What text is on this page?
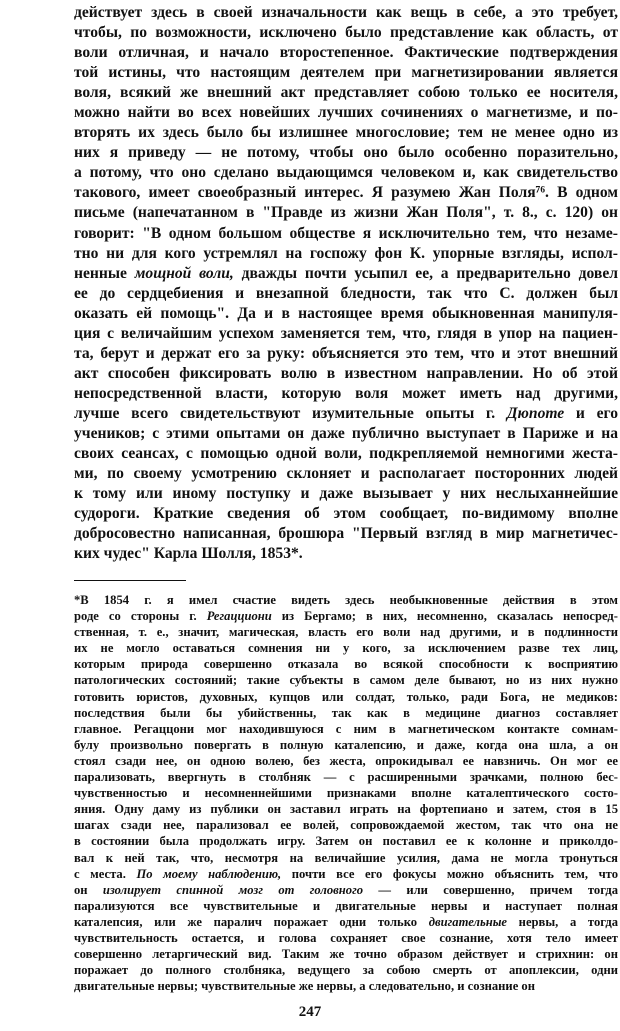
действует здесь в своей изначальности как вещь в себе, а это требует,
чтобы, по возможности, исключено было представление как область, от
воли отличная, и начало второстепенное. Фактические подтверждения
той истины, что настоящим деятелем при магнетизировании является
воля, всякий же внешний акт представляет собою только ее носителя,
можно найти во всех новейших лучших сочинениях о магнетизме, и по-
вторять их здесь было бы излишнее многословие; тем не менее одно из
них я приведу — не потому, чтобы оно было особенно поразительно,
а потому, что оно сделано выдающимся человеком и, как свидетельство
такового, имеет своеобразный интерес. Я разумею Жан Поля⁷⁶. В одном
письме (напечатанном в "Правде из жизни Жан Поля", т. 8., с. 120) он
говорит: "В одном большом обществе я исключительно тем, что незаме-
тно ни для кого устремлял на госпожу фон К. упорные взгляды, испол-
ненные мощной воли, дважды почти усыпил ее, а предварительно довел
ее до сердцебиения и внезапной бледности, так что С. должен был
оказать ей помощь". Да и в настоящее время обыкновенная манипуля-
ция с величайшим успехом заменяется тем, что, глядя в упор на пациен-
та, берут и держат его за руку: объясняется это тем, что и этот внешний
акт способен фиксировать волю в известном направлении. Но об этой
непосредственной власти, которую воля может иметь над другими,
лучше всего свидетельствуют изумительные опыты г. Дюпоте и его
учеников; с этими опытами он даже публично выступает в Париже и на
своих сеансах, с помощью одной воли, подкрепляемой немногими жеста-
ми, по своему усмотрению склоняет и располагает посторонних людей
к тому или иному поступку и даже вызывает у них неслыханнейшие
судороги. Краткие сведения об этом сообщает, по-видимому вполне
добросовестно написанная, брошюра "Первый взгляд в мир магнетичес-
ких чудес" Карла Шолля, 1853*.
*В 1854 г. я имел счастие видеть здесь необыкновенные действия в этом
роде со стороны г. Регацциони из Бергамо; в них, несомненно, сказалась непосред-
ственная, т. е., значит, магическая, власть его воли над другими, и в подлинности
их не могло оставаться сомнения ни у кого, за исключением разве тех лиц,
которым природа совершенно отказала во всякой способности к восприятию
патологических состояний; такие субъекты в самом деле бывают, но из них нужно
готовить юристов, духовных, купцов или солдат, только, ради Бога, не медиков:
последствия были бы убийственны, так как в медицине диагноз составляет
главное. Регаццони мог находившуюся с ним в магнетическом контакте сомнам-
булу произвольно повергать в полную каталепсию, и даже, когда она шла, а он
стоял сзади нее, он одною волею, без жеста, опрокидывал ее навзничь. Он мог ее
парализовать, ввергнуть в столбняк — с расширенными зрачками, полною бес-
чувственностью и несомненнейшими признаками вполне каталептического состо-
яния. Одну даму из публики он заставил играть на фортепиано и затем, стоя в 15
шагах сзади нее, парализовал ее волей, сопровождаемой жестом, так что она не
в состоянии была продолжать игру. Затем он поставил ее к колонне и приколдо-
вал к ней так, что, несмотря на величайшие усилия, дама не могла тронуться
с места. По моему наблюдению, почти все его фокусы можно объяснить тем, что
он изолирует спинной мозг от головного — или совершенно, причем тогда
парализуются все чувствительные и двигательные нервы и наступает полная
каталепсия, или же паралич поражает одни только двигательные нервы, а тогда
чувствительность остается, и голова сохраняет свое сознание, хотя тело имеет
совершенно летаргический вид. Таким же точно образом действует и стрихнин: он
поражает до полного столбняка, ведущего за собою смерть от апоплексии, одни
двигательные нервы; чувствительные же нервы, а следовательно, и сознание он
247
